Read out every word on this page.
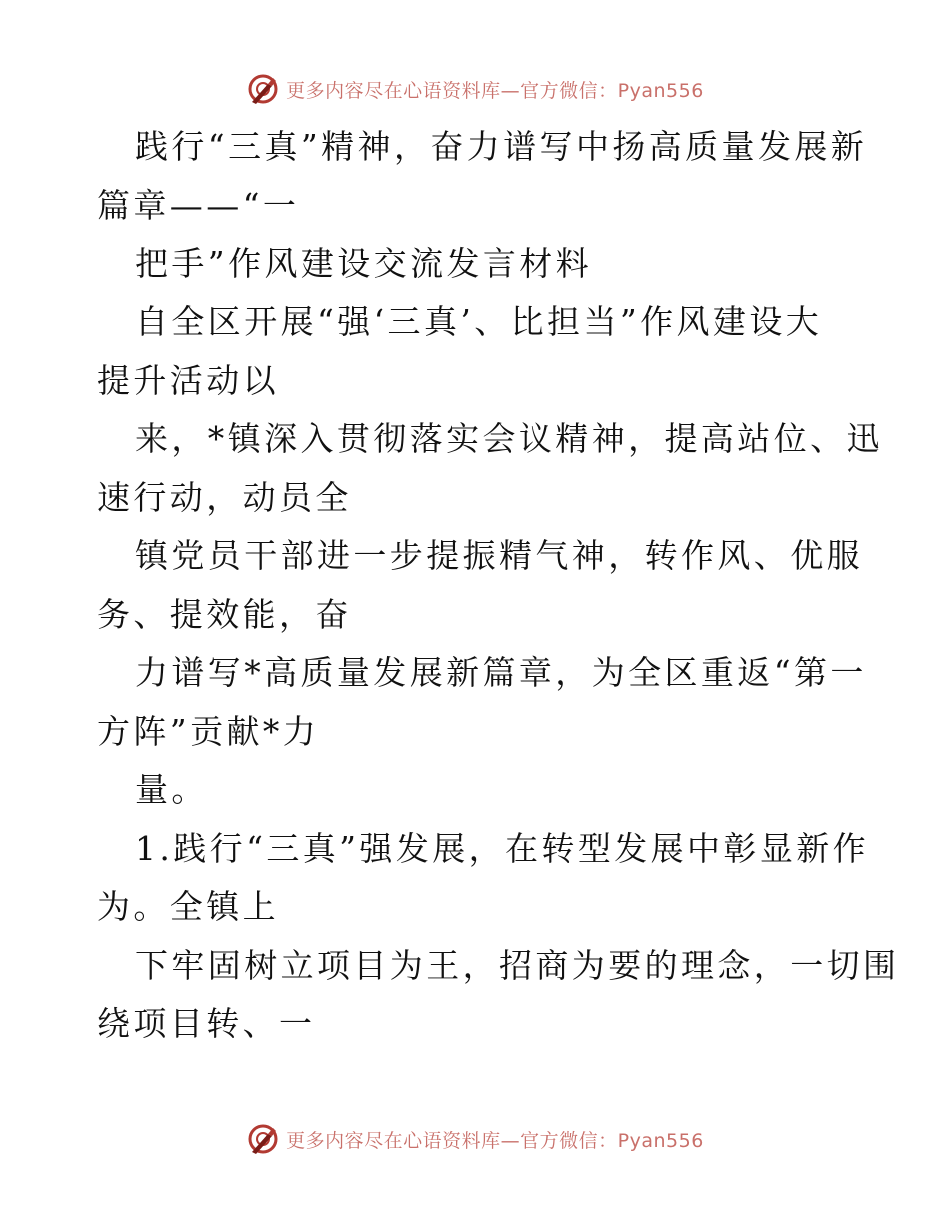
更多内容尽在心语资料库—官方微信：Pyan556
践行“三真”精神，奋力谱写中扬高质量发展新
篇章——“一
把手”作风建设交流发言材料
自全区开展“强‘三真’、比担当”作风建设大
提升活动以
来，*镇深入贯彻落实会议精神，提高站位、迅
速行动，动员全
镇党员干部进一步提振精气神，转作风、优服
务、提效能，奋
力谱写*高质量发展新篇章，为全区重返“第一
方阵”贡献*力
量。
1.践行“三真”强发展，在转型发展中彰显新作
为。全镇上
下牢固树立项目为王，招商为要的理念，一切围
绕项目转、一
更多内容尽在心语资料库—官方微信：Pyan556
